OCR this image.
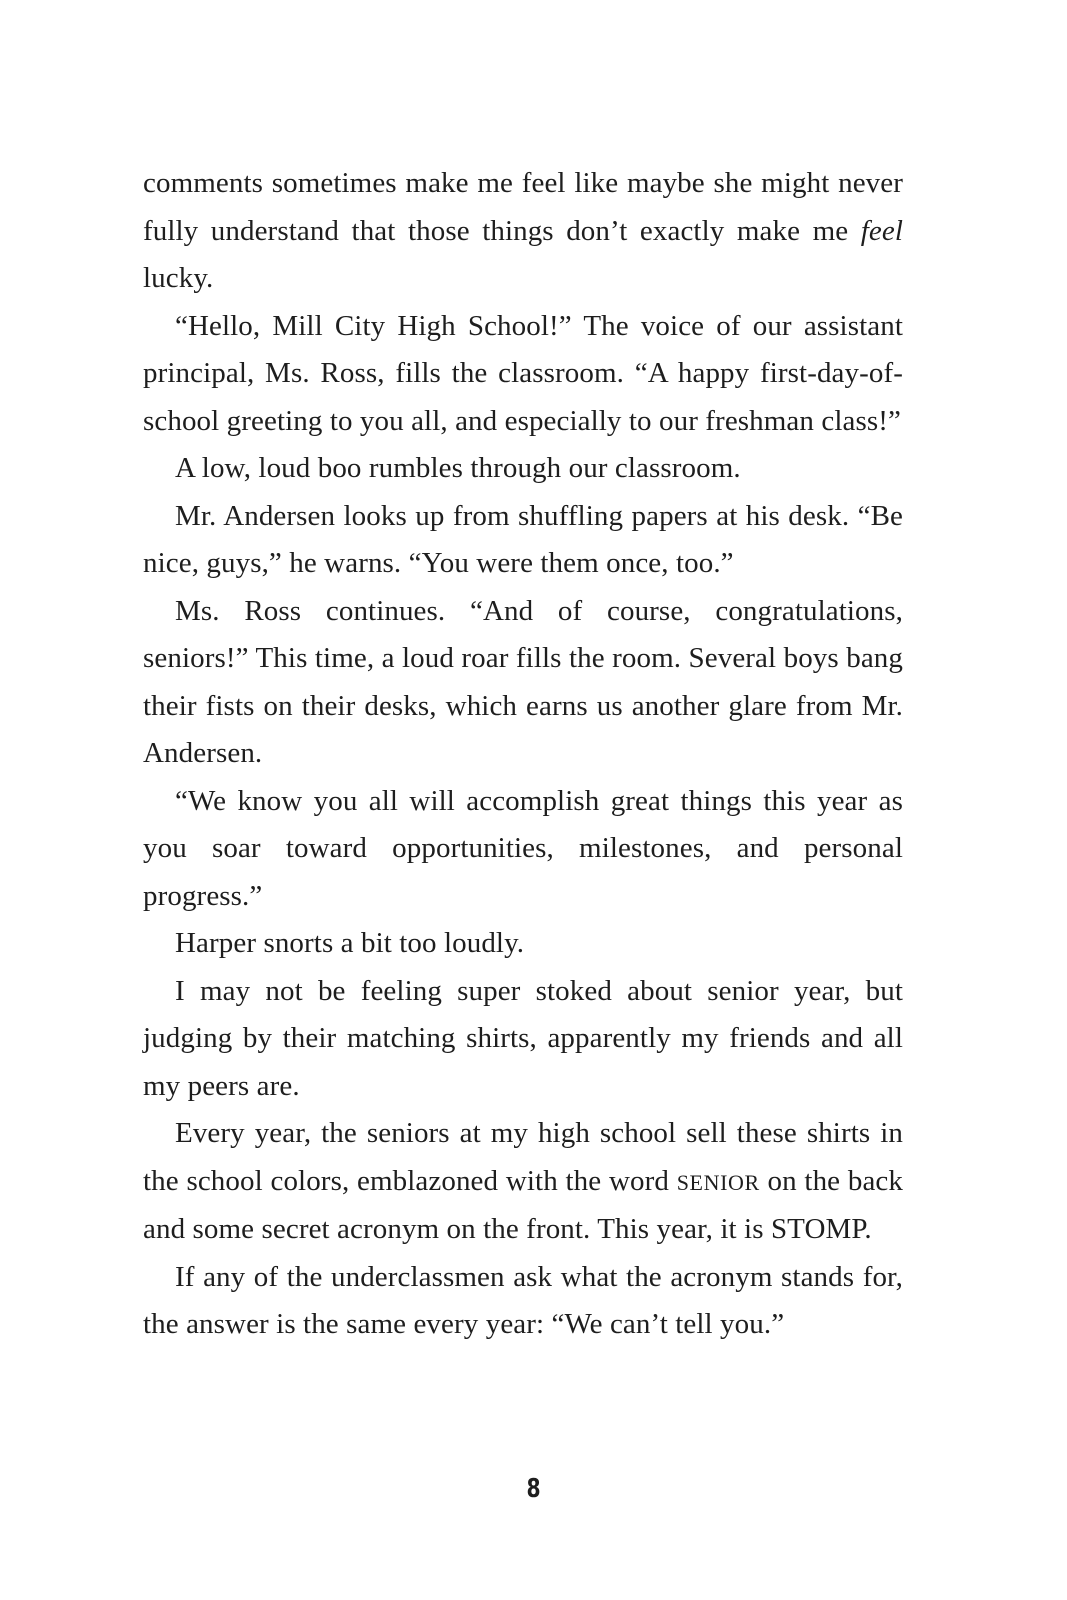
comments sometimes make me feel like maybe she might never fully understand that those things don’t exactly make me feel lucky.

“Hello, Mill City High School!” The voice of our assistant principal, Ms. Ross, fills the classroom. “A happy first-day-of-school greeting to you all, and especially to our freshman class!”

A low, loud boo rumbles through our classroom.

Mr. Andersen looks up from shuffling papers at his desk. “Be nice, guys,” he warns. “You were them once, too.”

Ms. Ross continues. “And of course, congratulations, seniors!” This time, a loud roar fills the room. Several boys bang their fists on their desks, which earns us another glare from Mr. Andersen.

“We know you all will accomplish great things this year as you soar toward opportunities, milestones, and personal progress.”

Harper snorts a bit too loudly.

I may not be feeling super stoked about senior year, but judging by their matching shirts, apparently my friends and all my peers are.

Every year, the seniors at my high school sell these shirts in the school colors, emblazoned with the word SENIOR on the back and some secret acronym on the front. This year, it is STOMP.

If any of the underclassmen ask what the acronym stands for, the answer is the same every year: “We can’t tell you.”

8
